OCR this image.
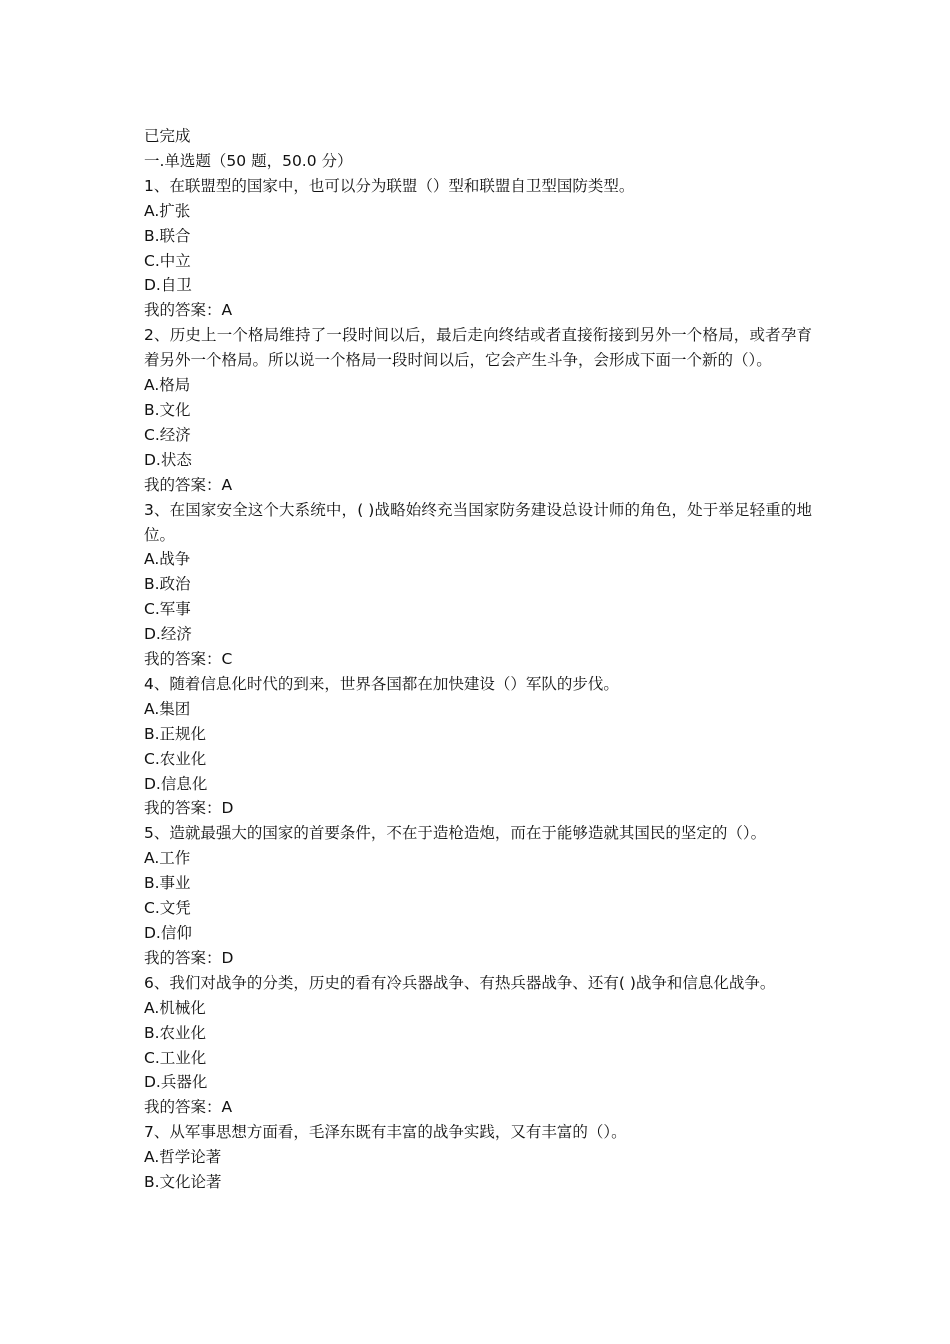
已完成

一.单选题（50 题，50.0 分）

1、在联盟型的国家中，也可以分为联盟（）型和联盟自卫型国防类型。

A.扩张

B.联合

C.中立

D.自卫

我的答案：A

2、历史上一个格局维持了一段时间以后，最后走向终结或者直接衔接到另外一个格局，或者孕育着另外一个格局。所以说一个格局一段时间以后，它会产生斗争，会形成下面一个新的（）。

A.格局

B.文化

C.经济

D.状态

我的答案：A

3、在国家安全这个大系统中，( )战略始终充当国家防务建设总设计师的角色，处于举足轻重的地位。

A.战争

B.政治

C.军事

D.经济

我的答案：C

4、随着信息化时代的到来，世界各国都在加快建设（）军队的步伐。

A.集团

B.正规化

C.农业化

D.信息化

我的答案：D

5、造就最强大的国家的首要条件，不在于造枪造炮，而在于能够造就其国民的坚定的（）。

A.工作

B.事业

C.文凭

D.信仰

我的答案：D

6、我们对战争的分类，历史的看有冷兵器战争、有热兵器战争、还有( )战争和信息化战争。

A.机械化

B.农业化

C.工业化

D.兵器化

我的答案：A

7、从军事思想方面看，毛泽东既有丰富的战争实践，又有丰富的（）。

A.哲学论著

B.文化论著
